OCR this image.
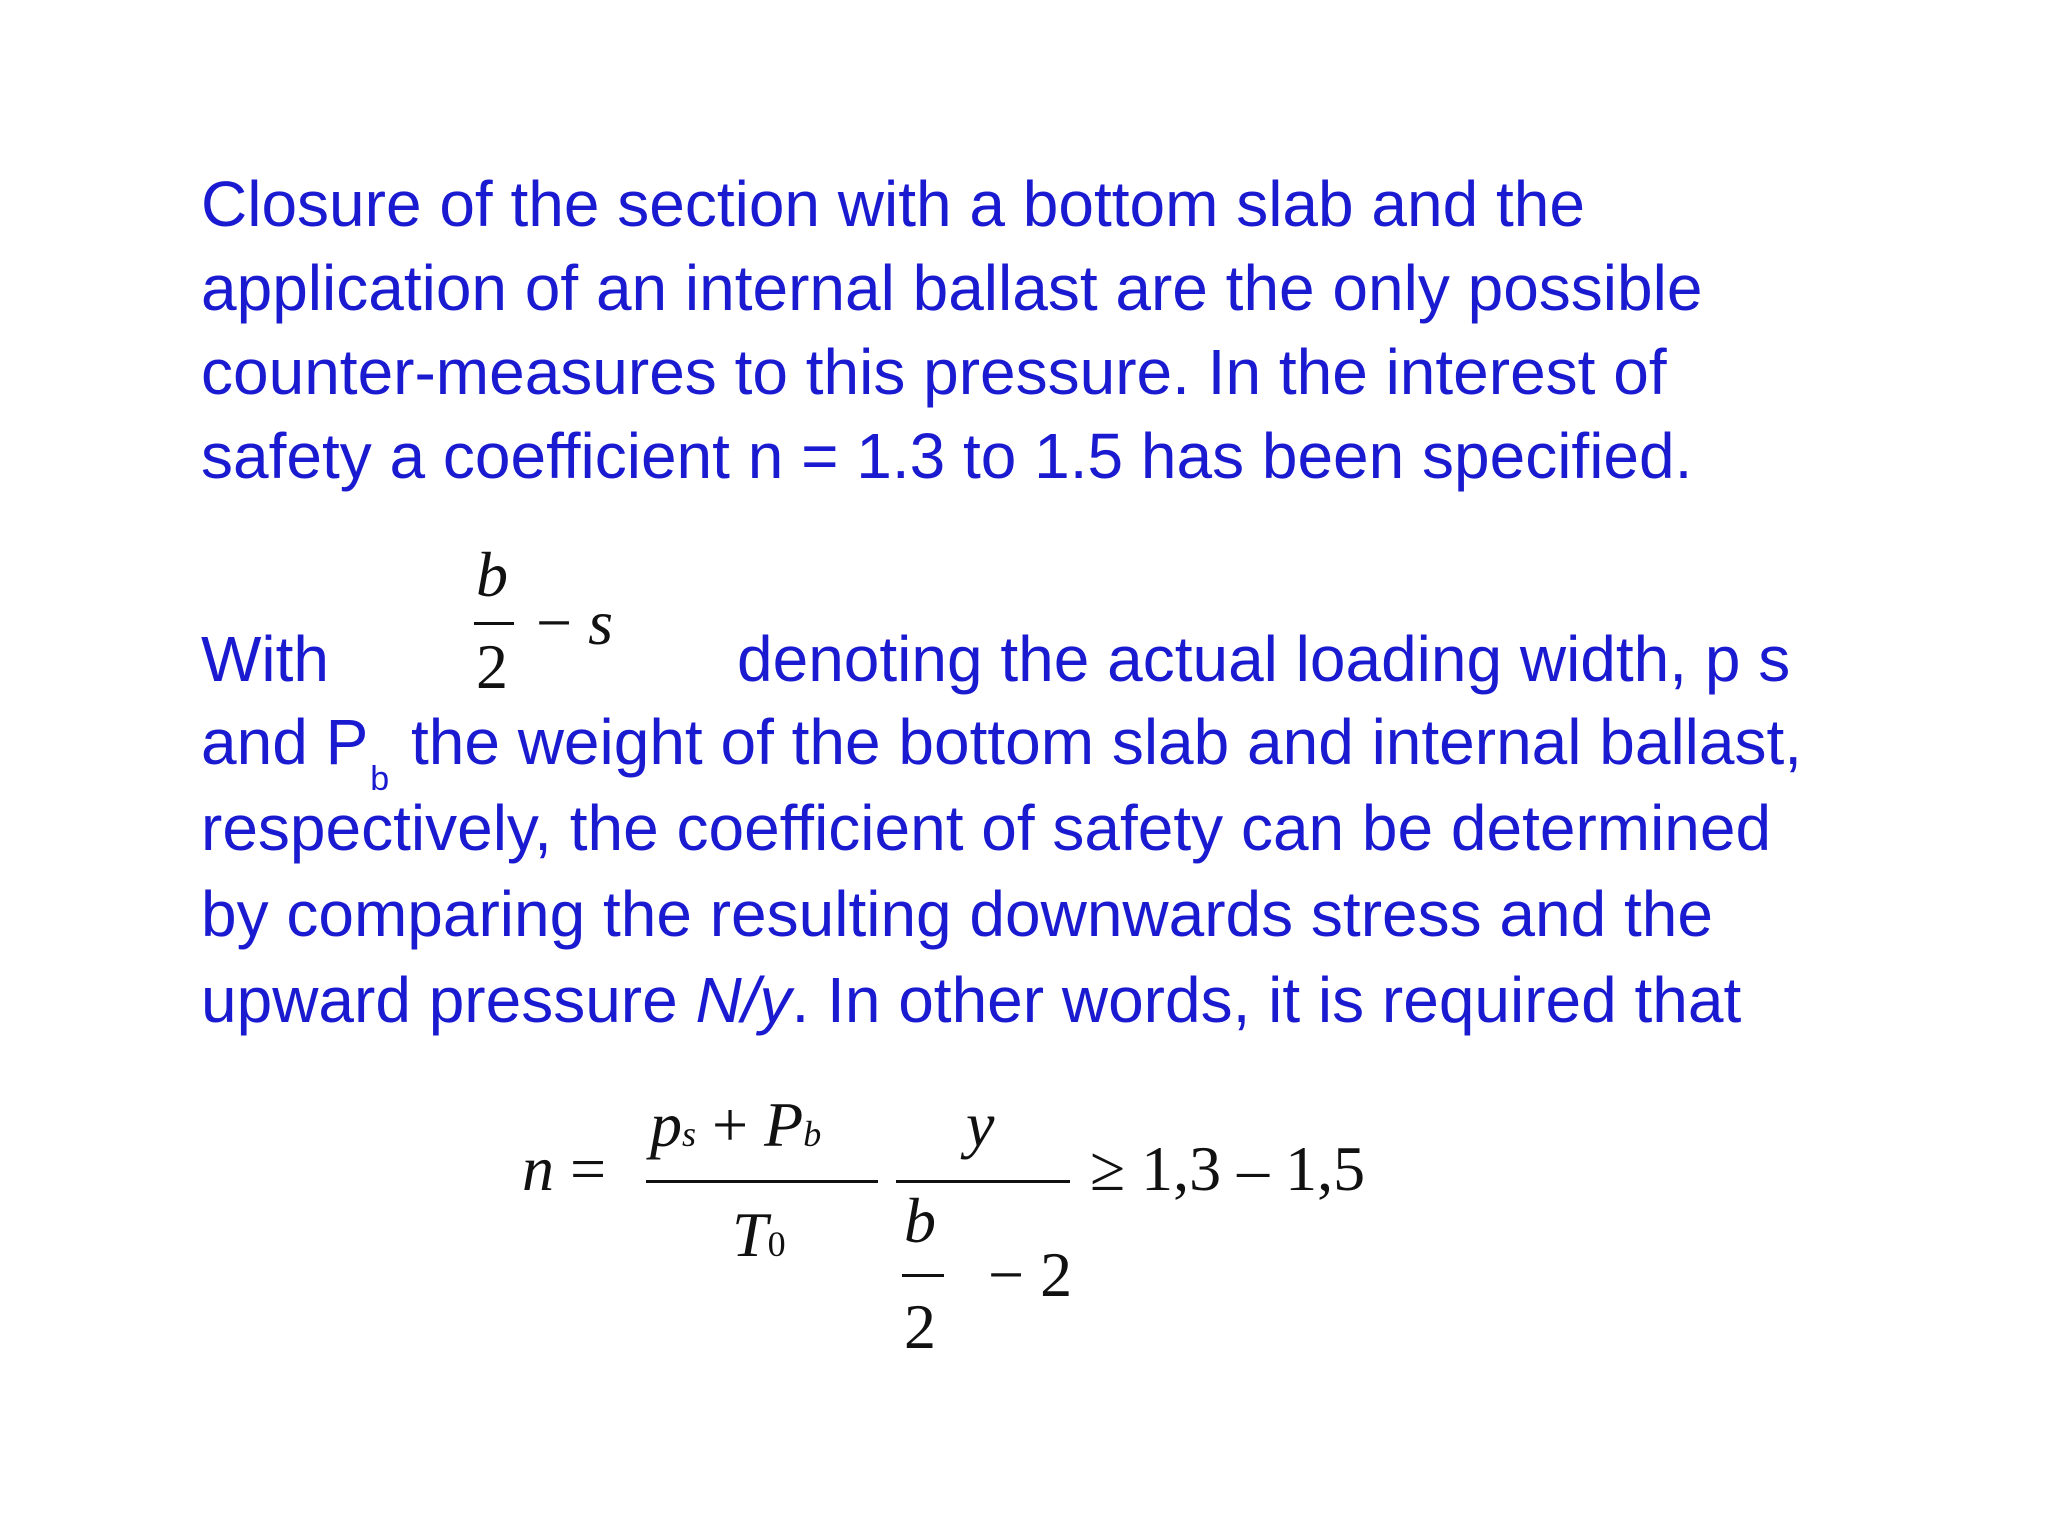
Closure of the section with a bottom slab and the
application of an internal ballast are the only possible
counter-measures to this pressure. In the interest of
safety a coefficient n = 1.3 to 1.5 has been specified.
With	denoting the actual loading width, p s
b
2
− s
and $P_b$ the weight of the bottom slab and internal ballast,
respectively, the coefficient of safety can be determined
by comparing the resulting downwards stress and the
upward pressure N/y. In other words, it is required that
n =
ps + Pb
T0
y
b
2
− 2
≥ 1,3 – 1,5
